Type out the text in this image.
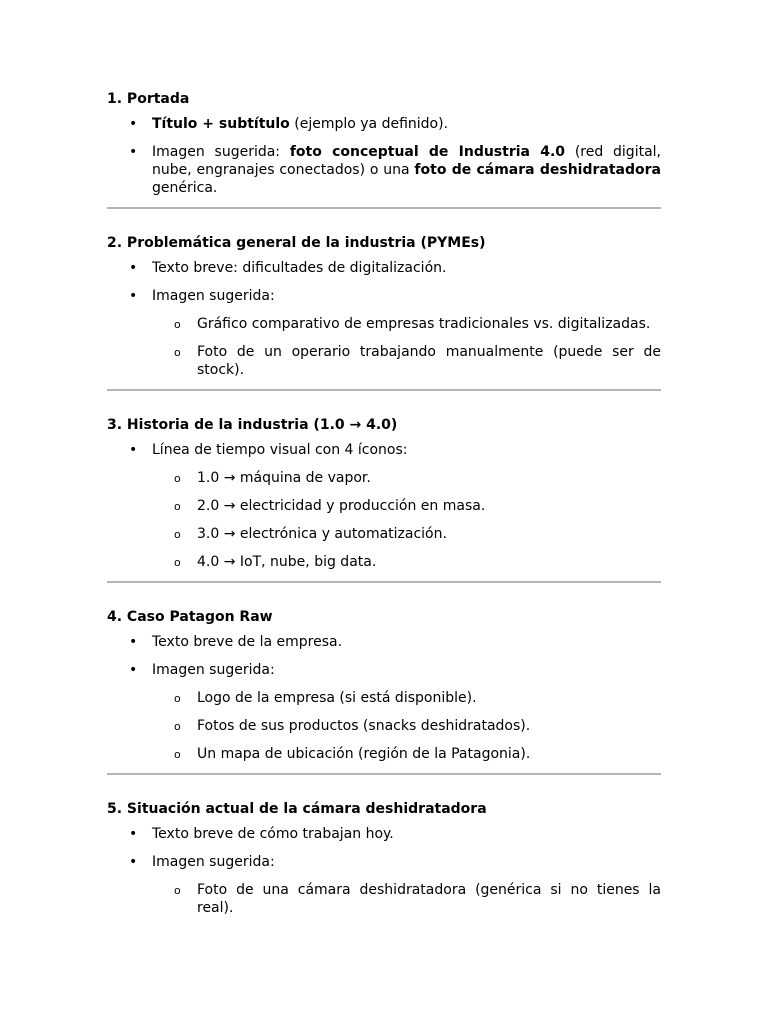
1. Portada
• Título + subtítulo (ejemplo ya definido).
• Imagen sugerida: foto conceptual de Industria 4.0 (red digital, nube, engranajes conectados) o una foto de cámara deshidratadora genérica.
2. Problemática general de la industria (PYMEs)
• Texto breve: dificultades de digitalización.
• Imagen sugerida:
o Gráfico comparativo de empresas tradicionales vs. digitalizadas.
o Foto de un operario trabajando manualmente (puede ser de stock).
3. Historia de la industria (1.0 → 4.0)
• Línea de tiempo visual con 4 íconos:
o 1.0 → máquina de vapor.
o 2.0 → electricidad y producción en masa.
o 3.0 → electrónica y automatización.
o 4.0 → IoT, nube, big data.
4. Caso Patagon Raw
• Texto breve de la empresa.
• Imagen sugerida:
o Logo de la empresa (si está disponible).
o Fotos de sus productos (snacks deshidratados).
o Un mapa de ubicación (región de la Patagonia).
5. Situación actual de la cámara deshidratadora
• Texto breve de cómo trabajan hoy.
• Imagen sugerida:
o Foto de una cámara deshidratadora (genérica si no tienes la real).
